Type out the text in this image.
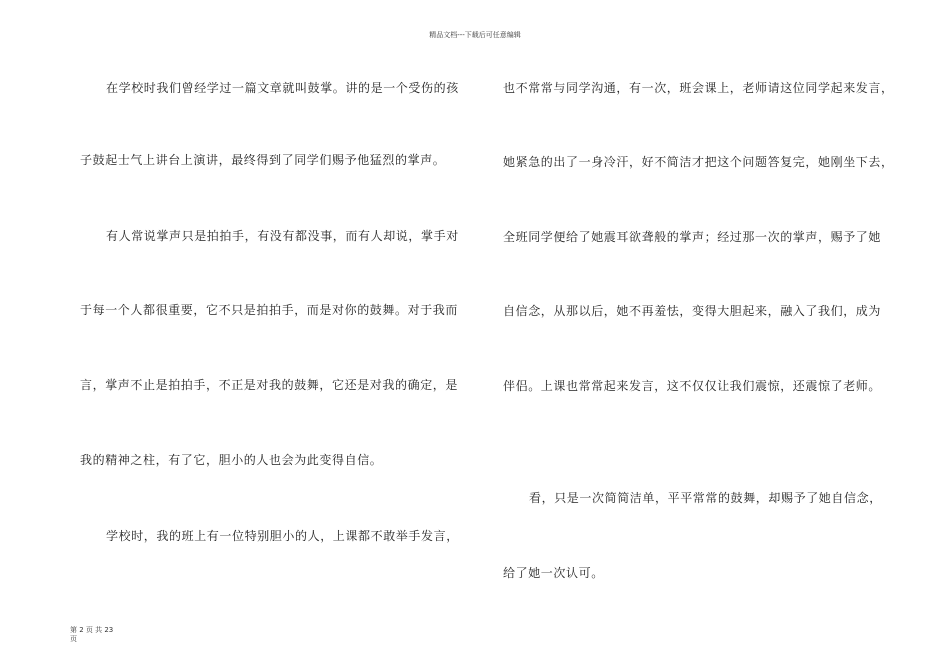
精品文档---下载后可任意编辑
在学校时我们曾经学过一篇文章就叫鼓掌。讲的是一个受伤的孩
子鼓起士气上讲台上演讲，最终得到了同学们赐予他猛烈的掌声。
有人常说掌声只是拍拍手，有没有都没事，而有人却说，掌手对
于每一个人都很重要，它不只是拍拍手，而是对你的鼓舞。对于我而
言，掌声不止是拍拍手，不正是对我的鼓舞，它还是对我的确定，是
我的精神之柱，有了它，胆小的人也会为此变得自信。
学校时，我的班上有一位特别胆小的人，上课都不敢举手发言，
也不常常与同学沟通，有一次，班会课上，老师请这位同学起来发言，
她紧急的出了一身冷汗，好不简洁才把这个问题答复完，她刚坐下去，
全班同学便给了她震耳欲聋般的掌声；经过那一次的掌声，赐予了她
自信念，从那以后，她不再羞怯，变得大胆起来，融入了我们，成为
伴侣。上课也常常起来发言，这不仅仅让我们震惊，还震惊了老师。
看，只是一次简简洁单，平平常常的鼓舞，却赐予了她自信念，
给了她一次认可。
第 2 页 共 23
页
